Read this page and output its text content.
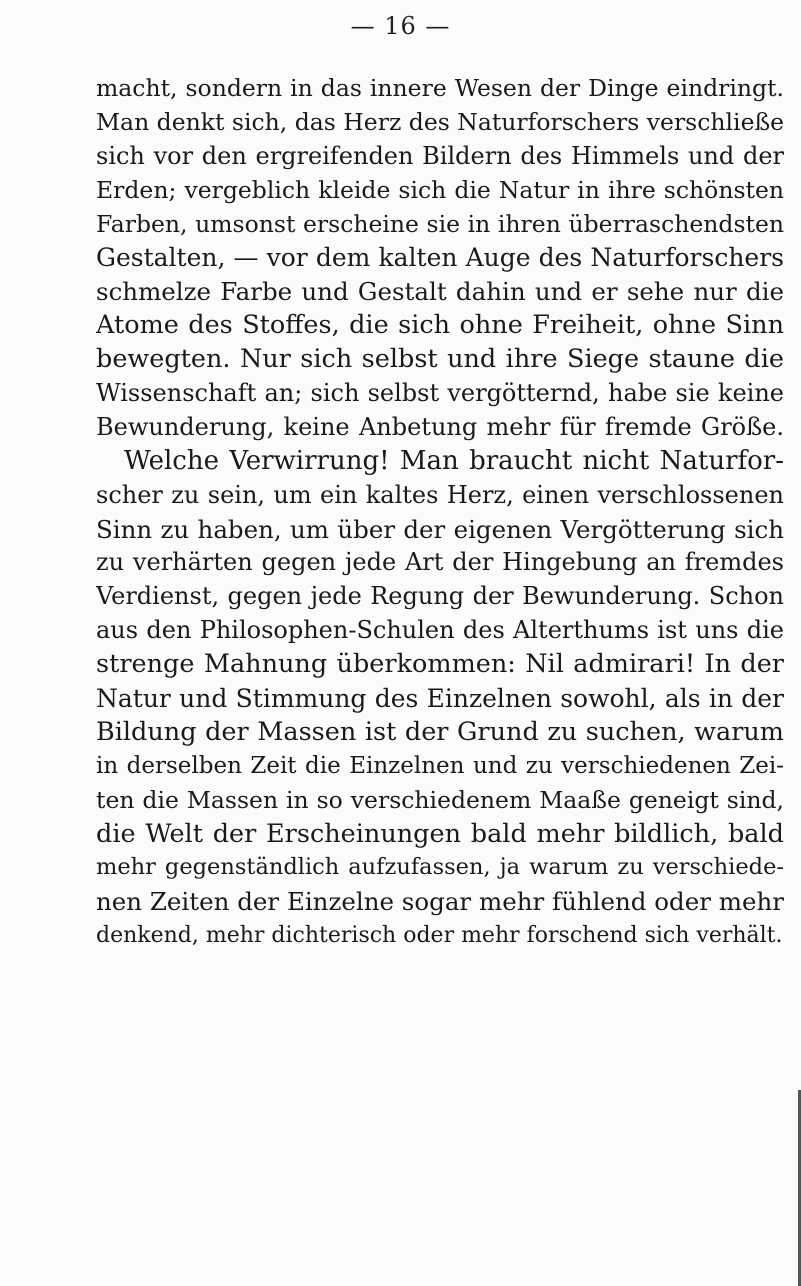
— 16 —
macht, sondern in das innere Wesen der Dinge eindringt.
Man denkt sich, das Herz des Naturforschers verschließe
sich vor den ergreifenden Bildern des Himmels und der
Erden; vergeblich kleide sich die Natur in ihre schönsten
Farben, umsonst erscheine sie in ihren überraschendsten
Gestalten, — vor dem kalten Auge des Naturforschers
schmelze Farbe und Gestalt dahin und er sehe nur die
Atome des Stoffes, die sich ohne Freiheit, ohne Sinn
bewegten. Nur sich selbst und ihre Siege staune die
Wissenschaft an; sich selbst vergötternd, habe sie keine
Bewunderung, keine Anbetung mehr für fremde Größe.
Welche Verwirrung! Man braucht nicht Naturfor-
scher zu sein, um ein kaltes Herz, einen verschlossenen
Sinn zu haben, um über der eigenen Vergötterung sich
zu verhärten gegen jede Art der Hingebung an fremdes
Verdienst, gegen jede Regung der Bewunderung. Schon
aus den Philosophen-Schulen des Alterthums ist uns die
strenge Mahnung überkommen: Nil admirari! In der
Natur und Stimmung des Einzelnen sowohl, als in der
Bildung der Massen ist der Grund zu suchen, warum
in derselben Zeit die Einzelnen und zu verschiedenen Zei-
ten die Massen in so verschiedenem Maaße geneigt sind,
die Welt der Erscheinungen bald mehr bildlich, bald
mehr gegenständlich aufzufassen, ja warum zu verschiede-
nen Zeiten der Einzelne sogar mehr fühlend oder mehr
denkend, mehr dichterisch oder mehr forschend sich verhält.
